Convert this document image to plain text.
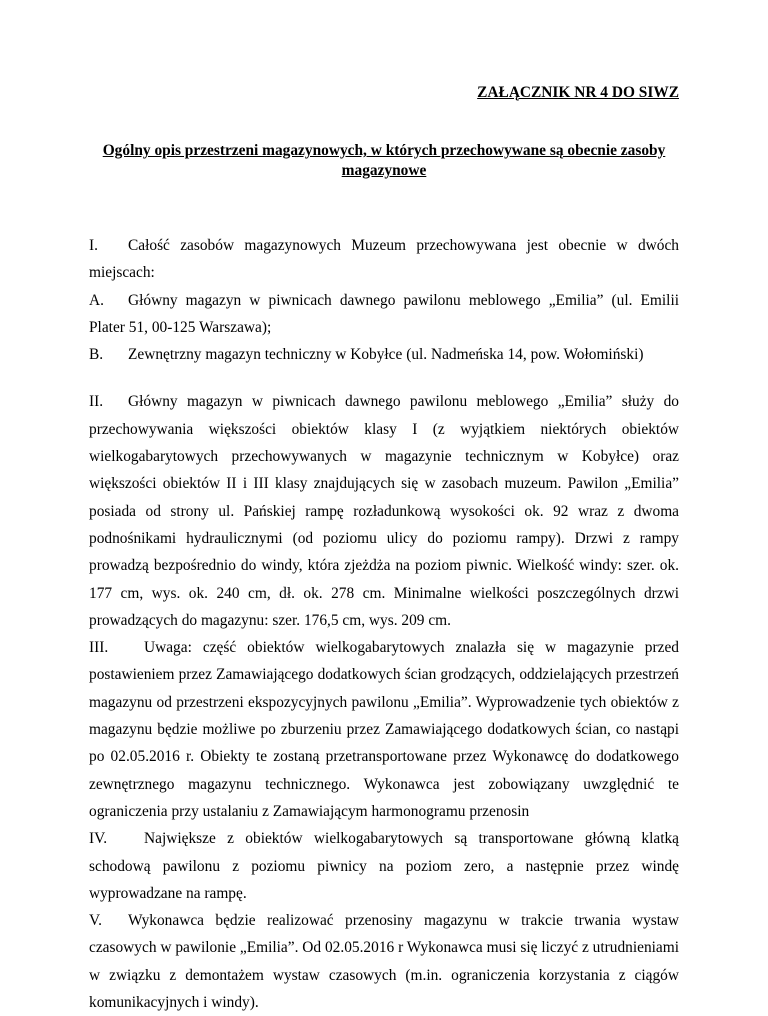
ZAŁĄCZNIK NR 4 DO SIWZ
Ogólny opis przestrzeni magazynowych, w których przechowywane są obecnie zasoby magazynowe

I. Całość zasobów magazynowych Muzeum przechowywana jest obecnie w dwóch miejscach:

A. Główny magazyn w piwnicach dawnego pawilonu meblowego „Emilia” (ul. Emilii Plater 51, 00-125 Warszawa);

B. Zewnętrzny magazyn techniczny w Kobyłce (ul. Nadmeńska 14, pow. Wołomiński)

II. Główny magazyn w piwnicach dawnego pawilonu meblowego „Emilia” służy do przechowywania większości obiektów klasy I (z wyjątkiem niektórych obiektów wielkogabarytowych przechowywanych w magazynie technicznym w Kobyłce) oraz większości obiektów II i III klasy znajdujących się w zasobach muzeum. Pawilon „Emilia” posiada od strony ul. Pańskiej rampę rozładunkową wysokości ok. 92 wraz z dwoma podnośnikami hydraulicznymi (od poziomu ulicy do poziomu rampy). Drzwi z rampy prowadzą bezpośrednio do windy, która zjeżdża na poziom piwnic. Wielkość windy: szer. ok. 177 cm, wys. ok. 240 cm, dł. ok. 278 cm. Minimalne wielkości poszczególnych drzwi prowadzących do magazynu: szer. 176,5 cm, wys. 209 cm.

III. Uwaga: część obiektów wielkogabarytowych znalazła się w magazynie przed postawieniem przez Zamawiającego dodatkowych ścian grodzących, oddzielających przestrzeń magazynu od przestrzeni ekspozycyjnych pawilonu „Emilia”. Wyprowadzenie tych obiektów z magazynu będzie możliwe po zburzeniu przez Zamawiającego dodatkowych ścian, co nastąpi po 02.05.2016 r. Obiekty te zostaną przetransportowane przez Wykonawcę do dodatkowego zewnętrznego magazynu technicznego. Wykonawca jest zobowiązany uwzględnić te ograniczenia przy ustalaniu z Zamawiającym harmonogramu przenosin

IV. Największe z obiektów wielkogabarytowych są transportowane główną klatką schodową pawilonu z poziomu piwnicy na poziom zero, a następnie przez windę wyprowadzane na rampę.

V. Wykonawca będzie realizować przenosiny magazynu w trakcie trwania wystaw czasowych w pawilonie „Emilia”. Od 02.05.2016 r Wykonawca musi się liczyć z utrudnieniami w związku z demontażem wystaw czasowych (m.in. ograniczenia korzystania z ciągów komunikacyjnych i windy).
